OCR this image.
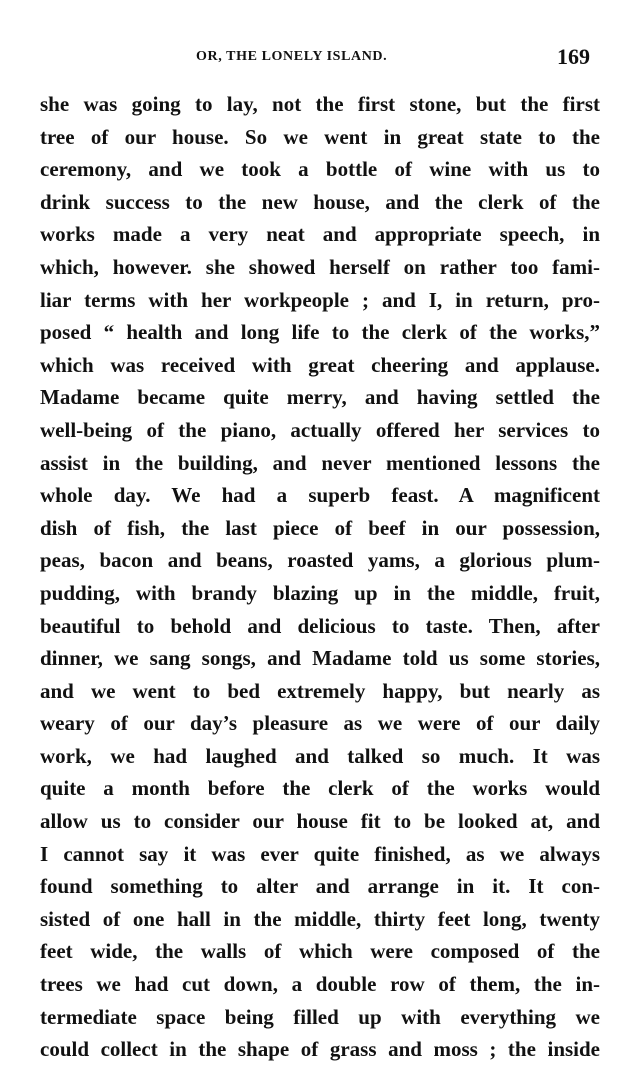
OR, THE LONELY ISLAND.	169
she was going to lay, not the first stone, but the first
tree of our house. So we went in great state to the
ceremony, and we took a bottle of wine with us to
drink success to the new house, and the clerk of the
works made a very neat and appropriate speech, in
which, however. she showed herself on rather too fami-
liar terms with her workpeople ; and I, in return, pro-
posed “ health and long life to the clerk of the works,”
which was received with great cheering and applause.
Madame became quite merry, and having settled the
well-being of the piano, actually offered her services to
assist in the building, and never mentioned lessons the
whole day. We had a superb feast. A magnificent
dish of fish, the last piece of beef in our possession,
peas, bacon and beans, roasted yams, a glorious plum-
pudding, with brandy blazing up in the middle, fruit,
beautiful to behold and delicious to taste. Then, after
dinner, we sang songs, and Madame told us some stories,
and we went to bed extremely happy, but nearly as
weary of our day’s pleasure as we were of our daily
work, we had laughed and talked so much. It was
quite a month before the clerk of the works would
allow us to consider our house fit to be looked at, and
I cannot say it was ever quite finished, as we always
found something to alter and arrange in it. It con-
sisted of one hall in the middle, thirty feet long, twenty
feet wide, the walls of which were composed of the
trees we had cut down, a double row of them, the in-
termediate space being filled up with everything we
could collect in the shape of grass and moss ; the inside
